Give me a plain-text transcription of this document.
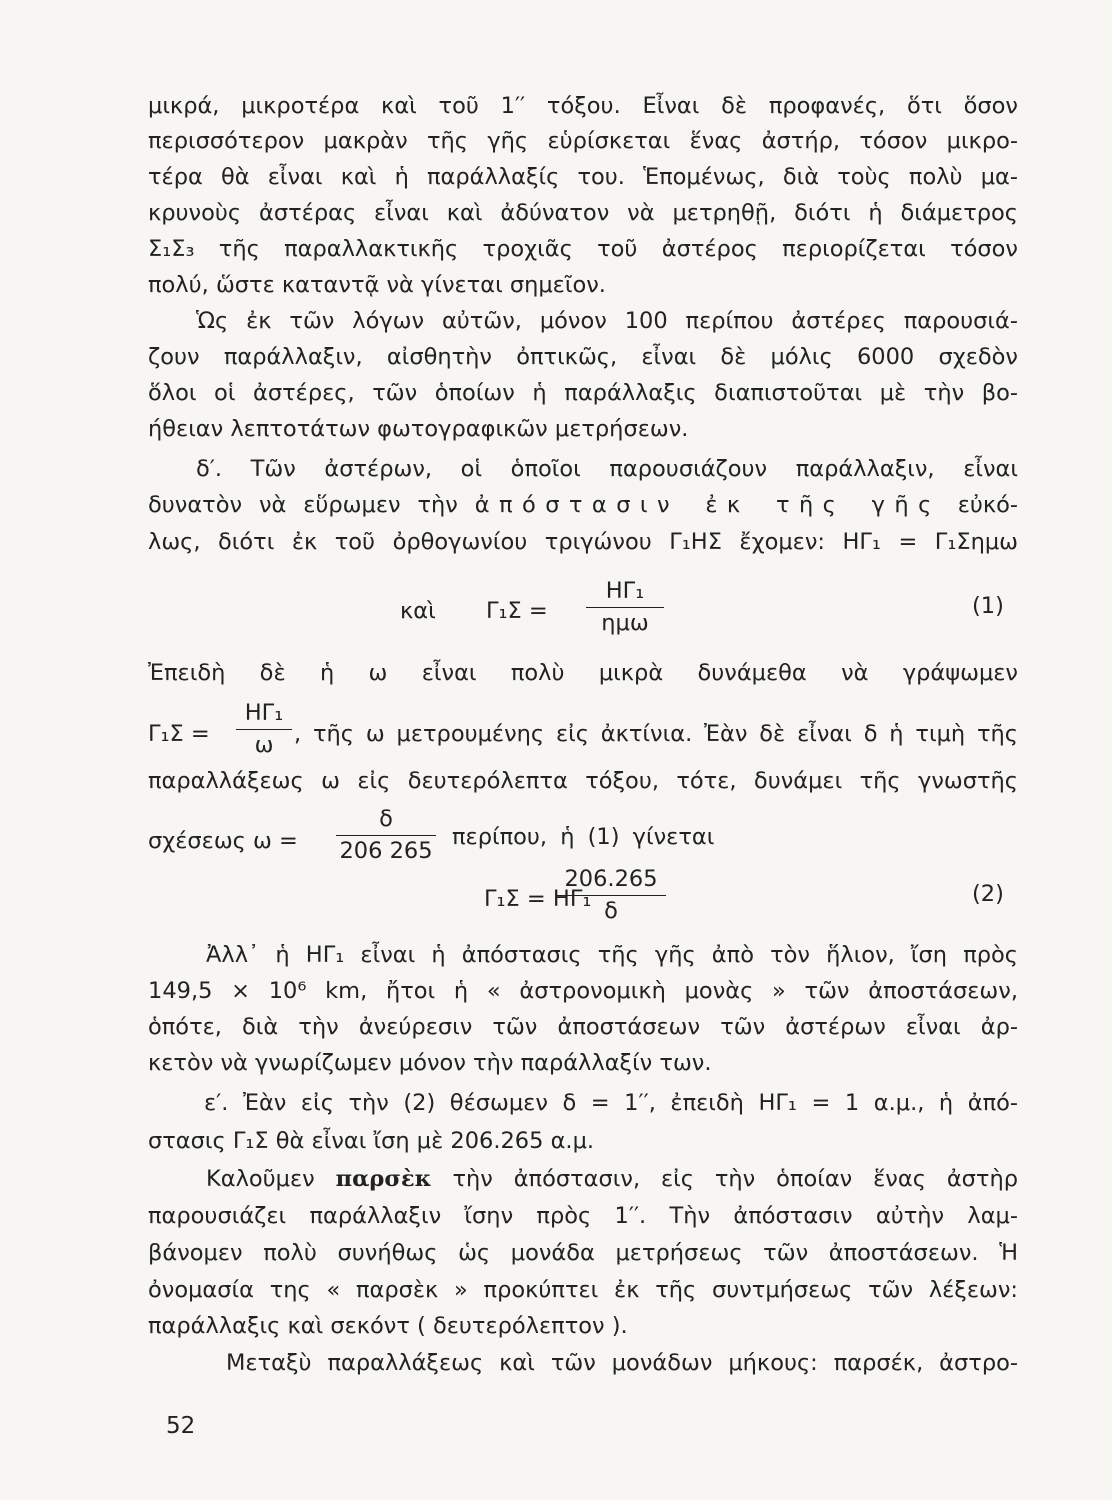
μικρά, μικροτέρα καὶ τοῦ 1′′ τόξου. Εἶναι δὲ προφανές, ὅτι ὅσον
περισσότερον μακρὰν τῆς γῆς εὑρίσκεται ἕνας ἀστήρ, τόσον μικρο-
τέρα θὰ εἶναι καὶ ἡ παράλλαξίς του. Ἑπομένως, διὰ τοὺς πολὺ μα-
κρυνοὺς ἀστέρας εἶναι καὶ ἀδύνατον νὰ μετρηθῇ, διότι ἡ διάμετρος
Σ₁Σ₃ τῆς παραλλακτικῆς τροχιᾶς τοῦ ἀστέρος περιορίζεται τόσον
πολύ, ὥστε καταντᾷ νὰ γίνεται σημεῖον.
Ὡς ἐκ τῶν λόγων αὐτῶν, μόνον 100 περίπου ἀστέρες παρουσιά-
ζουν παράλλαξιν, αἰσθητὴν ὀπτικῶς, εἶναι δὲ μόλις 6000 σχεδὸν
ὅλοι οἱ ἀστέρες, τῶν ὁποίων ἡ παράλλαξις διαπιστοῦται μὲ τὴν βο-
ήθειαν λεπτοτάτων φωτογραφικῶν μετρήσεων.
δ′. Τῶν ἀστέρων, οἱ ὁποῖοι παρουσιάζουν παράλλαξιν, εἶναι
δυνατὸν νὰ εὕρωμεν τὴν ἀπόστασιν ἐκ τῆς γῆς εὐκό-
λως, διότι ἐκ τοῦ ὀρθογωνίου τριγώνου Γ₁ΗΣ ἔχομεν: ΗΓ₁ = Γ₁Σημω
καὶ Γ₁Σ =
ΗΓ₁
ημω
(1)
Ἐπειδὴ δὲ ἡ ω εἶναι πολὺ μικρὰ δυνάμεθα νὰ γράψωμεν
Γ₁Σ =
ΗΓ₁
ω , τῆς ω μετρουμένης εἰς ἀκτίνια. Ἐὰν δὲ εἶναι δ ἡ τιμὴ τῆς
παραλλάξεως ω εἰς δευτερόλεπτα τόξου, τότε, δυνάμει τῆς γνωστῆς
σχέσεως ω =
δ
206 265
περίπου, ἡ (1) γίνεται
Γ₁Σ = ΗΓ₁
206.265
δ
(2)
Ἀλλ᾽ ἡ ΗΓ₁ εἶναι ἡ ἀπόστασις τῆς γῆς ἀπὸ τὸν ἥλιον, ἴση πρὸς
149,5 × 10⁶ km, ἤτοι ἡ « ἀστρονομικὴ μονὰς » τῶν ἀποστάσεων,
ὁπότε, διὰ τὴν ἀνεύρεσιν τῶν ἀποστάσεων τῶν ἀστέρων εἶναι ἀρ-
κετὸν νὰ γνωρίζωμεν μόνον τὴν παράλλαξίν των.
ε′. Ἐὰν εἰς τὴν (2) θέσωμεν δ = 1′′, ἐπειδὴ ΗΓ₁ = 1 α.μ., ἡ ἀπό-
στασις Γ₁Σ θὰ εἶναι ἴση μὲ 206.265 α.μ.
Καλοῦμεν παρσὲκ τὴν ἀπόστασιν, εἰς τὴν ὁποίαν ἕνας ἀστὴρ
παρουσιάζει παράλλαξιν ἴσην πρὸς 1′′. Τὴν ἀπόστασιν αὐτὴν λαμ-
βάνομεν πολὺ συνήθως ὡς μονάδα μετρήσεως τῶν ἀποστάσεων. Ἡ
ὀνομασία της « παρσὲκ » προκύπτει ἐκ τῆς συντμήσεως τῶν λέξεων:
παράλλαξις καὶ σεκόντ ( δευτερόλεπτον ).
Μεταξὺ παραλλάξεως καὶ τῶν μονάδων μήκους: παρσέκ, ἀστρο-
52
